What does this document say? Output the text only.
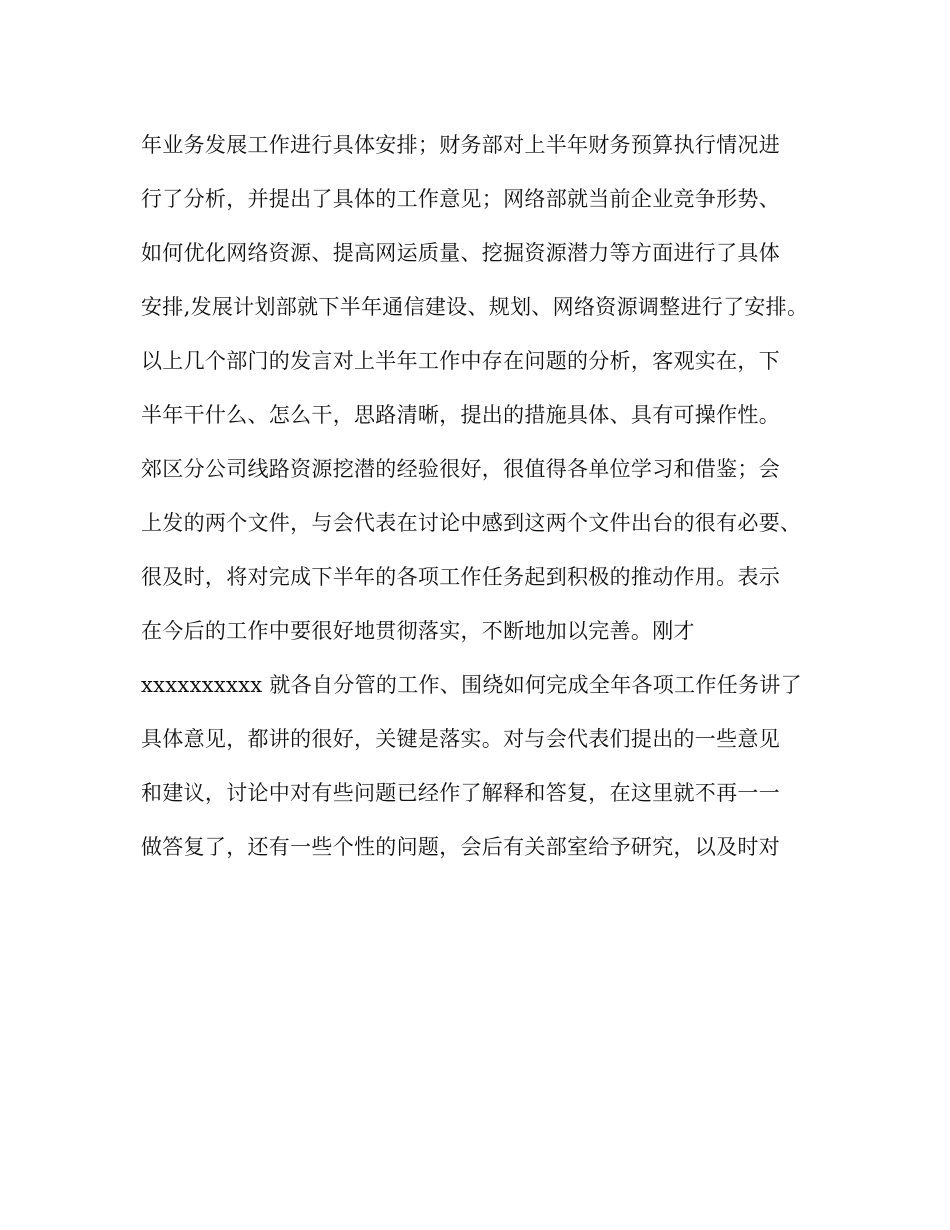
年业务发展工作进行具体安排；财务部对上半年财务预算执行情况进
行了分析，并提出了具体的工作意见；网络部就当前企业竞争形势、
如何优化网络资源、提高网运质量、挖掘资源潜力等方面进行了具体
安排,发展计划部就下半年通信建设、规划、网络资源调整进行了安排。
以上几个部门的发言对上半年工作中存在问题的分析，客观实在，下
半年干什么、怎么干，思路清晰，提出的措施具体、具有可操作性。
郊区分公司线路资源挖潜的经验很好，很值得各单位学习和借鉴；会
上发的两个文件，与会代表在讨论中感到这两个文件出台的很有必要、
很及时，将对完成下半年的各项工作任务起到积极的推动作用。表示
在今后的工作中要很好地贯彻落实，不断地加以完善。刚才
xxxxxxxxxx 就各自分管的工作、围绕如何完成全年各项工作任务讲了
具体意见，都讲的很好，关键是落实。对与会代表们提出的一些意见
和建议，讨论中对有些问题已经作了解释和答复，在这里就不再一一
做答复了，还有一些个性的问题，会后有关部室给予研究，以及时对
